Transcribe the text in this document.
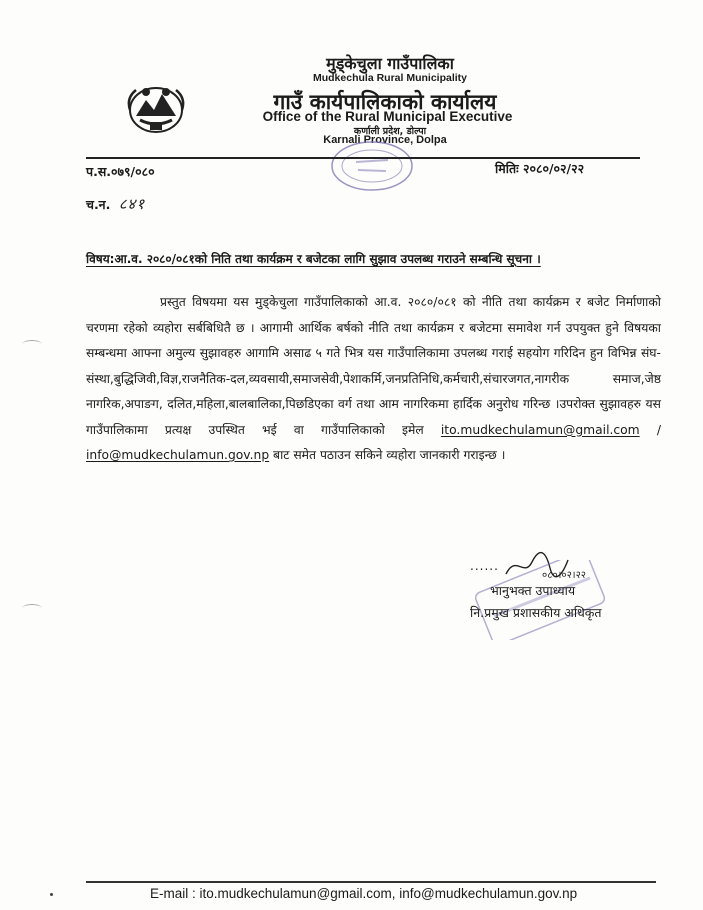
मुड्केचुला गाउँपालिका
Mudkechula Rural Municipality
गाउँ कार्यपालिकाको कार्यालय
Office of the Rural Municipal Executive
कर्णाली प्रदेश, डोल्पा
Karnali Province, Dolpa
प.स.०७९/०८०	मितिः २०८०/०२/२२
च.न. ८४१
विषय:आ.व. २०८०/०८१को निति तथा कार्यक्रम र बजेटका लागि सुझाव उपलब्ध गराउने सम्बन्धि सूचना ।

प्रस्तुत विषयमा यस मुड्केचुला गाउँपालिकाको आ.व. २०८०/०८१ को नीति तथा कार्यक्रम र बजेट निर्माणाको चरणमा रहेको व्यहोरा सर्बबिधितै छ । आगामी आर्थिक बर्षको नीति तथा कार्यक्रम र बजेटमा समावेश गर्न उपयुक्त हुने विषयका सम्बन्धमा आफ्ना अमुल्य सुझावहरु आगामि असाढ ५ गते भित्र यस गाउँपालिकामा उपलब्ध गराई सहयोग गरिदिन हुन विभिन्न संघ-संस्था,बुद्धिजिवी,विज्ञ,राजनैतिक-दल,व्यवसायी,समाजसेवी,पेशाकर्मि,जनप्रतिनिधि,कर्मचारी,संचारजगत,नागरीक समाज,जेष्ठ नागरिक,अपाङग, दलित,महिला,बालबालिका,पिछडिएका वर्ग तथा आम नागरिकमा हार्दिक अनुरोध गरिन्छ ।उपरोक्त सुझावहरु यस गाउँपालिकामा प्रत्यक्ष उपस्थित भई वा गाउँपालिकाको इमेल ito.mudkechulamun@gmail.com / info@mudkechulamun.gov.np बाट समेत पठाउन सकिने व्यहोरा जानकारी गराइन्छ ।

......
०८०।०२।२२
भानुभक्त उपाध्याय
नि.प्रमुख प्रशासकीय अधिकृत
E-mail : ito.mudkechulamun@gmail.com, info@mudkechulamun.gov.np
